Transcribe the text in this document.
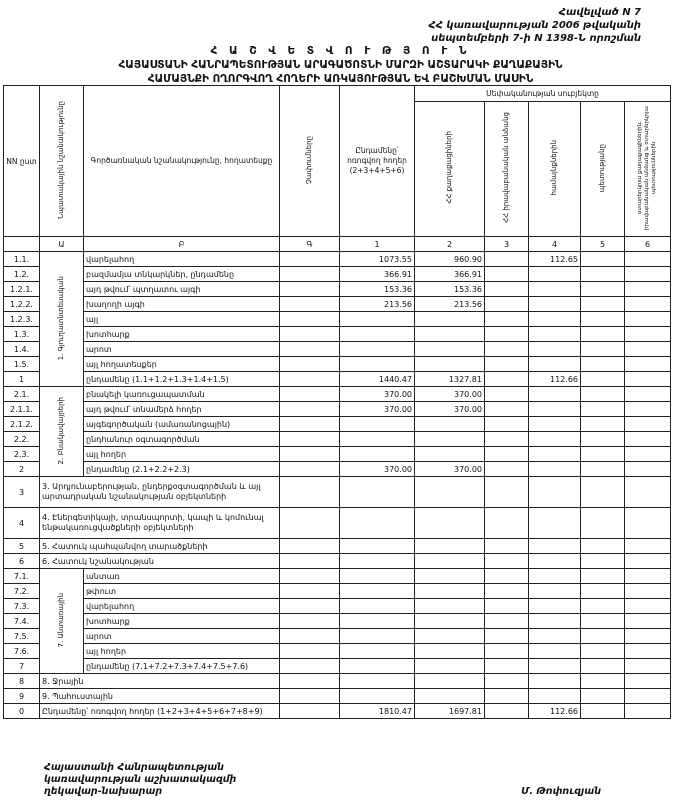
Հավելված N 7
ՀՀ կառավարության 2006 թվականի
սեպտեմբերի 7-ի N 1398-Ն որոշման
Հ Ա Շ Վ Ե Տ Վ Ո Ւ Թ Յ Ո Ւ Ն
ՀԱՅԱՍՏԱՆԻ ՀԱՆՐԱՊԵՏՈՒԹՅԱՆ ԱՐԱԳԱԾՈՏՆԻ ՄԱՐԶԻ ԱՇՏԱՐԱԿԻ ՔԱՂԱՔԱՅԻՆ
ՀԱՄԱՅՆՔԻ ՈՂՈՐԳՎՈՂ ՀՈՂԵՐԻ ԱՌԿԱՅՈՒԹՅԱՆ ԵՎ ԲԱՇԽՄԱՆ ՄԱՍԻՆ
NN ըստ	Նպատակային նշանակությունը	Գործառնական նշանակությունը, հողատեսքը	Չափումները	Ընդամենը՝ ոռոգվող հողեր (2+3+4+5+6)	Սեփականության սուբյեկտը				
					ՀՀ քաղաքացիների	ՀՀ իրավաբանական անձանց	համայնքներին	պետությանը	օտարերկրյա քաղաքացիներին, իրավաբանական անձանց և օտարերկրյա պետություններին
	Ա	Բ	Գ	1	2	3	4	5	6
1.1.	1. Գյուղատնտեսական	վարելահող		1073.55	960.90		112.65		
1.2.		բազմամյա տնկարկներ, ընդամենը		366.91	366.91				
1.2.1.		այդ թվում՝ պտղատու այգի		153.36	153.36				
1.2.2.		խաղողի այգի		213.56	213.56				
1.2.3.		այլ							
1.3.		խոտհարք							
1.4.		արոտ							
1.5.		այլ հողատեսքեր							
1		ընդամենը (1.1+1.2+1.3+1.4+1.5)		1440.47	1327.81		112.66		
2.1.	2. Բնակավայրերի	բնակելի կառուցապատման		370.00	370.00				
2.1.1.		այդ թվում՝ տնամերձ հողեր		370.00	370.00				
2.1.2.		այգեգործական (ամառանոցային)							
2.2.		ընդհանուր օգտագործման							
2.3.		այլ հողեր							
2		ընդամենը (2.1+2.2+2.3)		370.00	370.00				
3	3. Արդյունաբերության, ընդերքօգտագործման և այլ արտադրական նշանակության օբյեկտների								
4	4. Էներգետիկայի, տրանսպորտի, կապի և կոմունալ ենթակառուցվածքների օբյեկտների								
5	5. Հատուկ պահպանվող տարածքների								
6	6. Հատուկ նշանակության								
7.1.	7. Անտառային	անտառ							
7.2.		թփուտ							
7.3.		վարելահող							
7.4.		խոտհարք							
7.5.		արոտ							
7.6.		այլ հողեր							
7		ընդամենը (7.1+7.2+7.3+7.4+7.5+7.6)							
8	8. Ջրային								
9	9. Պահուստային								
0	Ընդամենը՝ ոռոգվող հողեր (1+2+3+4+5+6+7+8+9)			1810.47	1697.81		112.66		
Հայաստանի Հանրապետության
կառավարության աշխատակազմի
ղեկավար-նախարար	Մ. Թոփուզյան
